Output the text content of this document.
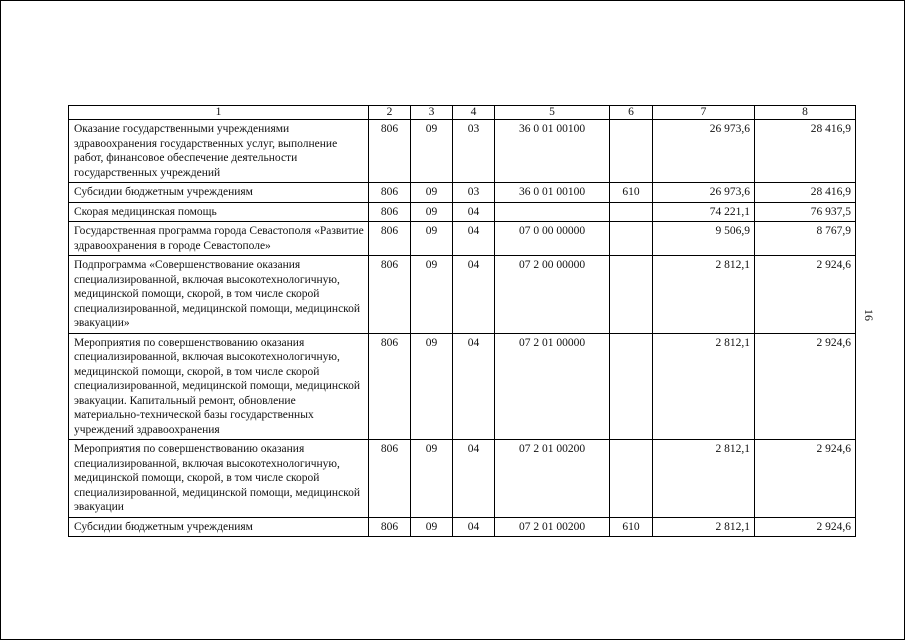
1	2	3	4	5	6	7	8
Оказание государственными учреждениями здравоохранения государственных услуг, выполнение работ, финансовое обеспечение деятельности государственных учреждений	806	09	03	36 0 01 00100		26 973,6	28 416,9
Субсидии бюджетным учреждениям	806	09	03	36 0 01 00100	610	26 973,6	28 416,9
Скорая медицинская помощь	806	09	04			74 221,1	76 937,5
Государственная программа города Севастополя «Развитие здравоохранения в городе Севастополе»	806	09	04	07 0 00 00000		9 506,9	8 767,9
Подпрограмма «Совершенствование оказания специализированной, включая высокотехнологичную, медицинской помощи, скорой, в том числе скорой специализированной, медицинской помощи, медицинской эвакуации»	806	09	04	07 2 00 00000		2 812,1	2 924,6
Мероприятия по совершенствованию оказания специализированной, включая высокотехнологичную, медицинской помощи, скорой, в том числе скорой специализированной, медицинской помощи, медицинской эвакуации. Капитальный ремонт, обновление материально-технической базы государственных учреждений здравоохранения	806	09	04	07 2 01 00000		2 812,1	2 924,6
Мероприятия по совершенствованию оказания специализированной, включая высокотехнологичную, медицинской помощи, скорой, в том числе скорой специализированной, медицинской помощи, медицинской эвакуации	806	09	04	07 2 01 00200		2 812,1	2 924,6
Субсидии бюджетным учреждениям	806	09	04	07 2 01 00200	610	2 812,1	2 924,6
16
